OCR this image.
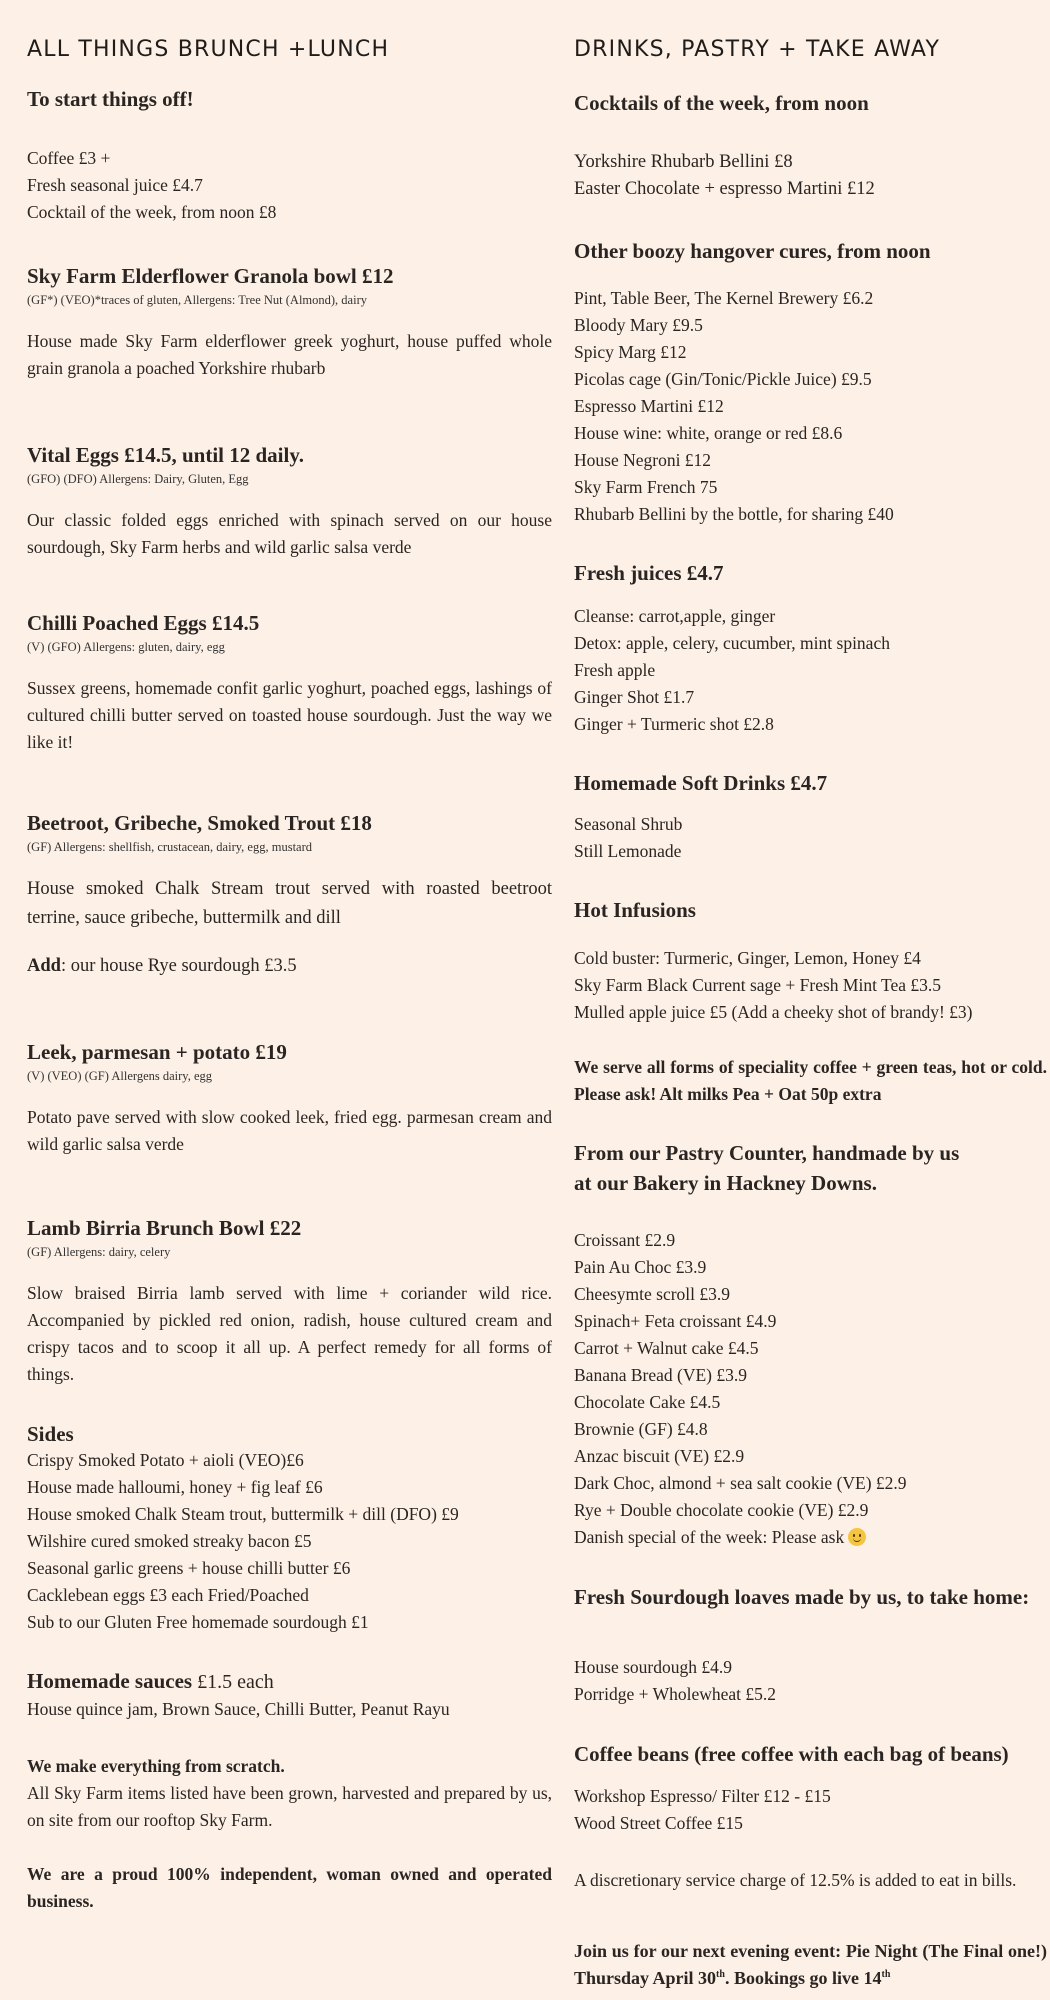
ALL THINGS BRUNCH +LUNCH

To start things off!

Coffee £3 +
Fresh seasonal juice £4.7
Cocktail of the week, from noon £8

Sky Farm Elderflower Granola bowl £12

(GF*) (VEO)*traces of gluten, Allergens: Tree Nut (Almond), dairy

House made Sky Farm elderflower greek yoghurt, house puffed whole grain granola a poached Yorkshire rhubarb

Vital Eggs £14.5, until 12 daily.

(GFO) (DFO) Allergens: Dairy, Gluten, Egg

Our classic folded eggs enriched with spinach served on our house sourdough, Sky Farm herbs and wild garlic salsa verde

Chilli Poached Eggs £14.5

(V) (GFO) Allergens: gluten, dairy, egg

Sussex greens, homemade confit garlic yoghurt, poached eggs, lashings of cultured chilli butter served on toasted house sourdough. Just the way we like it!

Beetroot, Gribeche, Smoked Trout £18

(GF) Allergens: shellfish, crustacean, dairy, egg, mustard

House smoked Chalk Stream trout served with roasted beetroot terrine, sauce gribeche, buttermilk and dill

Add: our house Rye sourdough £3.5

Leek, parmesan + potato £19

(V) (VEO) (GF) Allergens dairy, egg

Potato pave served with slow cooked leek, fried egg. parmesan cream and wild garlic salsa verde

Lamb Birria Brunch Bowl £22

(GF) Allergens: dairy, celery

Slow braised Birria lamb served with lime + coriander wild rice. Accompanied by pickled red onion, radish, house cultured cream and crispy tacos and to scoop it all up. A perfect remedy for all forms of things.

Sides

Crispy Smoked Potato + aioli (VEO)£6
House made halloumi, honey + fig leaf £6
House smoked Chalk Steam trout, buttermilk + dill (DFO) £9
Wilshire cured smoked streaky bacon £5
Seasonal garlic greens + house chilli butter £6
Cacklebean eggs £3 each Fried/Poached
Sub to our Gluten Free homemade sourdough £1

Homemade sauces £1.5 each

House quince jam, Brown Sauce, Chilli Butter, Peanut Rayu

We make everything from scratch.

All Sky Farm items listed have been grown, harvested and prepared by us, on site from our rooftop Sky Farm.

We are a proud 100% independent, woman owned and operated business.

DRINKS, PASTRY + TAKE AWAY

Cocktails of the week, from noon

Yorkshire Rhubarb Bellini £8
Easter Chocolate + espresso Martini £12

Other boozy hangover cures, from noon

Pint, Table Beer, The Kernel Brewery £6.2
Bloody Mary £9.5
Spicy Marg £12
Picolas cage (Gin/Tonic/Pickle Juice) £9.5
Espresso Martini £12
House wine: white, orange or red £8.6
House Negroni £12
Sky Farm French 75
Rhubarb Bellini by the bottle, for sharing £40

Fresh juices £4.7

Cleanse: carrot,apple, ginger
Detox: apple, celery, cucumber, mint spinach
Fresh apple
Ginger Shot £1.7
Ginger + Turmeric shot £2.8

Homemade Soft Drinks £4.7

Seasonal Shrub
Still Lemonade

Hot Infusions

Cold buster: Turmeric, Ginger, Lemon, Honey £4
Sky Farm Black Current sage + Fresh Mint Tea £3.5
Mulled apple juice £5 (Add a cheeky shot of brandy! £3)

We serve all forms of speciality coffee + green teas, hot or cold. Please ask! Alt milks Pea + Oat 50p extra

From our Pastry Counter, handmade by us

at our Bakery in Hackney Downs.

Croissant £2.9
Pain Au Choc £3.9
Cheesymte scroll £3.9
Spinach+ Feta croissant £4.9
Carrot + Walnut cake £4.5
Banana Bread (VE) £3.9
Chocolate Cake £4.5
Brownie (GF) £4.8
Anzac biscuit (VE) £2.9
Dark Choc, almond + sea salt cookie (VE) £2.9
Rye + Double chocolate cookie (VE) £2.9
Danish special of the week: Please ask

Fresh Sourdough loaves made by us, to take home:

House sourdough £4.9
Porridge + Wholewheat £5.2

Coffee beans (free coffee with each bag of beans)

Workshop Espresso/ Filter £12 - £15
Wood Street Coffee £15

A discretionary service charge of 12.5% is added to eat in bills.

Join us for our next evening event: Pie Night (The Final one!) Thursday April 30th. Bookings go live 14th
